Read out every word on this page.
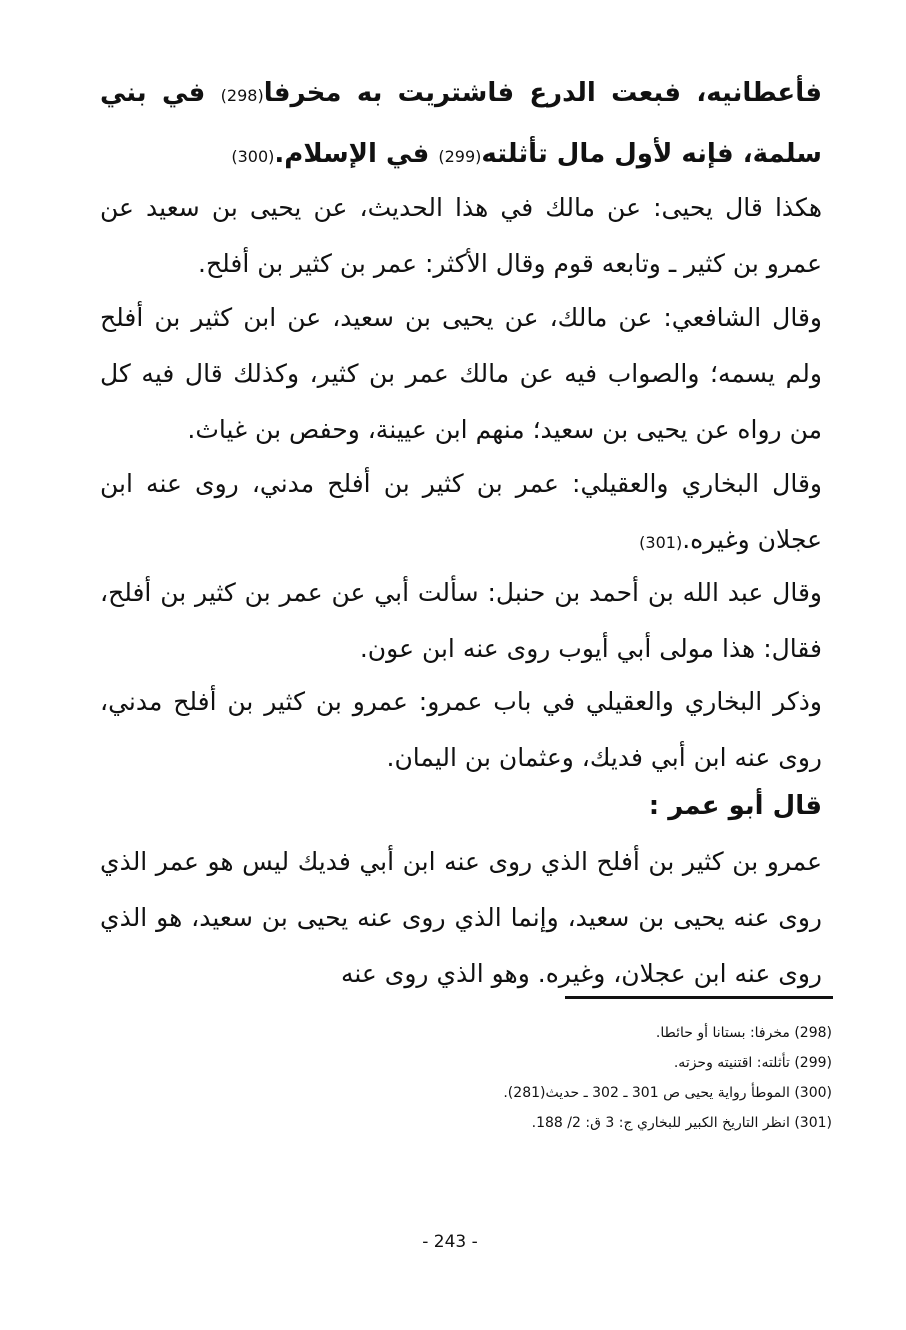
فأعطانيه، فبعت الدرع فاشتريت به مخرفا(298) في بني سلمة، فإنه لأول مال تأثلته(299) في الإسلام.(300)

هكذا قال يحيى: عن مالك في هذا الحديث، عن يحيى بن سعيد عن عمرو بن كثير ـ وتابعه قوم وقال الأكثر: عمر بن كثير بن أفلح.

وقال الشافعي: عن مالك، عن يحيى بن سعيد، عن ابن كثير بن أفلح ولم يسمه؛ والصواب فيه عن مالك عمر بن كثير، وكذلك قال فيه كل من رواه عن يحيى بن سعيد؛ منهم ابن عيينة، وحفص بن غياث.

وقال البخاري والعقيلي: عمر بن كثير بن أفلح مدني، روى عنه ابن عجلان وغيره.(301)

وقال عبد الله بن أحمد بن حنبل: سألت أبي عن عمر بن كثير بن أفلح، فقال: هذا مولى أبي أيوب روى عنه ابن عون.

وذكر البخاري والعقيلي في باب عمرو: عمرو بن كثير بن أفلح مدني، روى عنه ابن أبي فديك، وعثمان بن اليمان.

قال أبو عمر :

عمرو بن كثير بن أفلح الذي روى عنه ابن أبي فديك ليس هو عمر الذي روى عنه يحيى بن سعيد، وإنما الذي روى عنه يحيى بن سعيد، هو الذي روى عنه ابن عجلان، وغيره. وهو الذي روى عنه

(298) مخرفا: بستانا أو حائطا.
(299) تأثلته: اقتنيته وحزته.
(300) الموطأ رواية يحيى ص 301 ـ 302 ـ حديث(281).
(301) انظر التاريخ الكبير للبخاري ج: 3 ق: 2/ 188.
- 243 -
